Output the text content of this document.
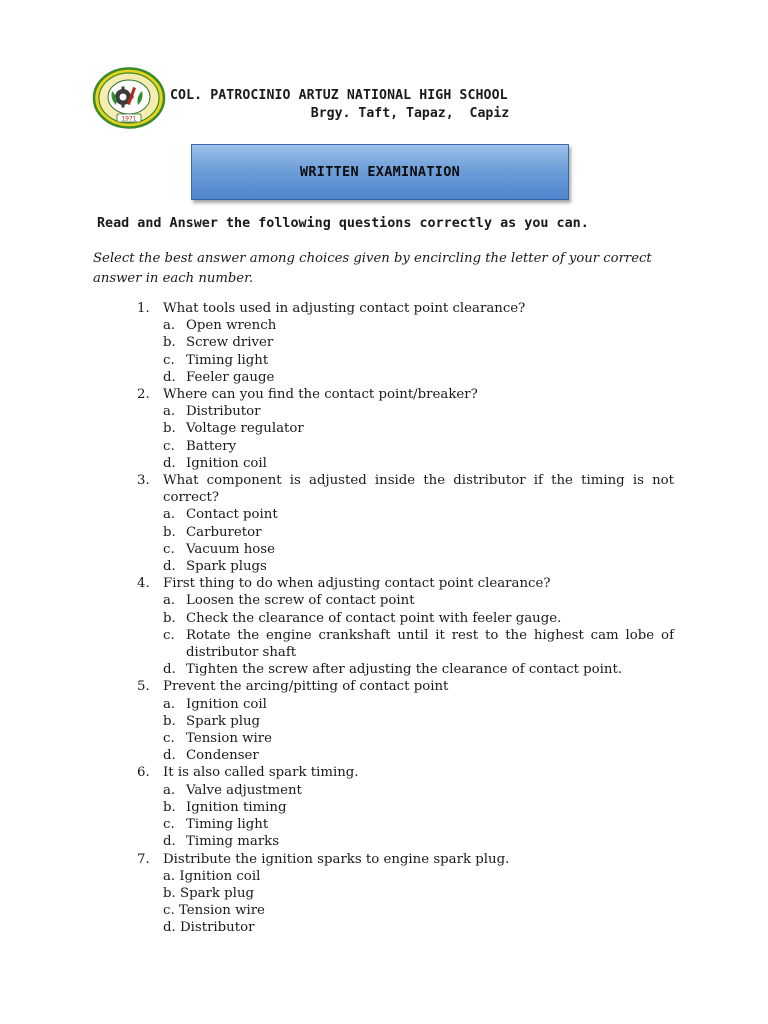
1971
COL. PATROCINIO ARTUZ NATIONAL HIGH SCHOOL
Brgy. Taft, Tapaz,  Capiz
WRITTEN EXAMINATION
Read and Answer the following questions correctly as you can.
Select the best answer among choices given by encircling the letter of your correct answer in each number.
1. What tools used in adjusting contact point clearance?
a. Open wrench
b. Screw driver
c. Timing light
d. Feeler gauge
2. Where can you find the contact point/breaker?
a. Distributor
b. Voltage regulator
c. Battery
d. Ignition coil
3. What component is adjusted inside the distributor if the timing is not correct?
a. Contact point
b. Carburetor
c. Vacuum hose
d. Spark plugs
4. First thing to do when adjusting contact point clearance?
a. Loosen the screw of contact point
b. Check the clearance of contact point with feeler gauge.
c. Rotate the engine crankshaft until it rest to the highest cam lobe of distributor shaft
d. Tighten the screw after adjusting the clearance of contact point.
5. Prevent the arcing/pitting of contact point
a. Ignition coil
b. Spark plug
c. Tension wire
d. Condenser
6. It is also called spark timing.
a. Valve adjustment
b. Ignition timing
c. Timing light
d. Timing marks
7. Distribute the ignition sparks to engine spark plug.
a. Ignition coil
b. Spark plug
c. Tension wire
d. Distributor
